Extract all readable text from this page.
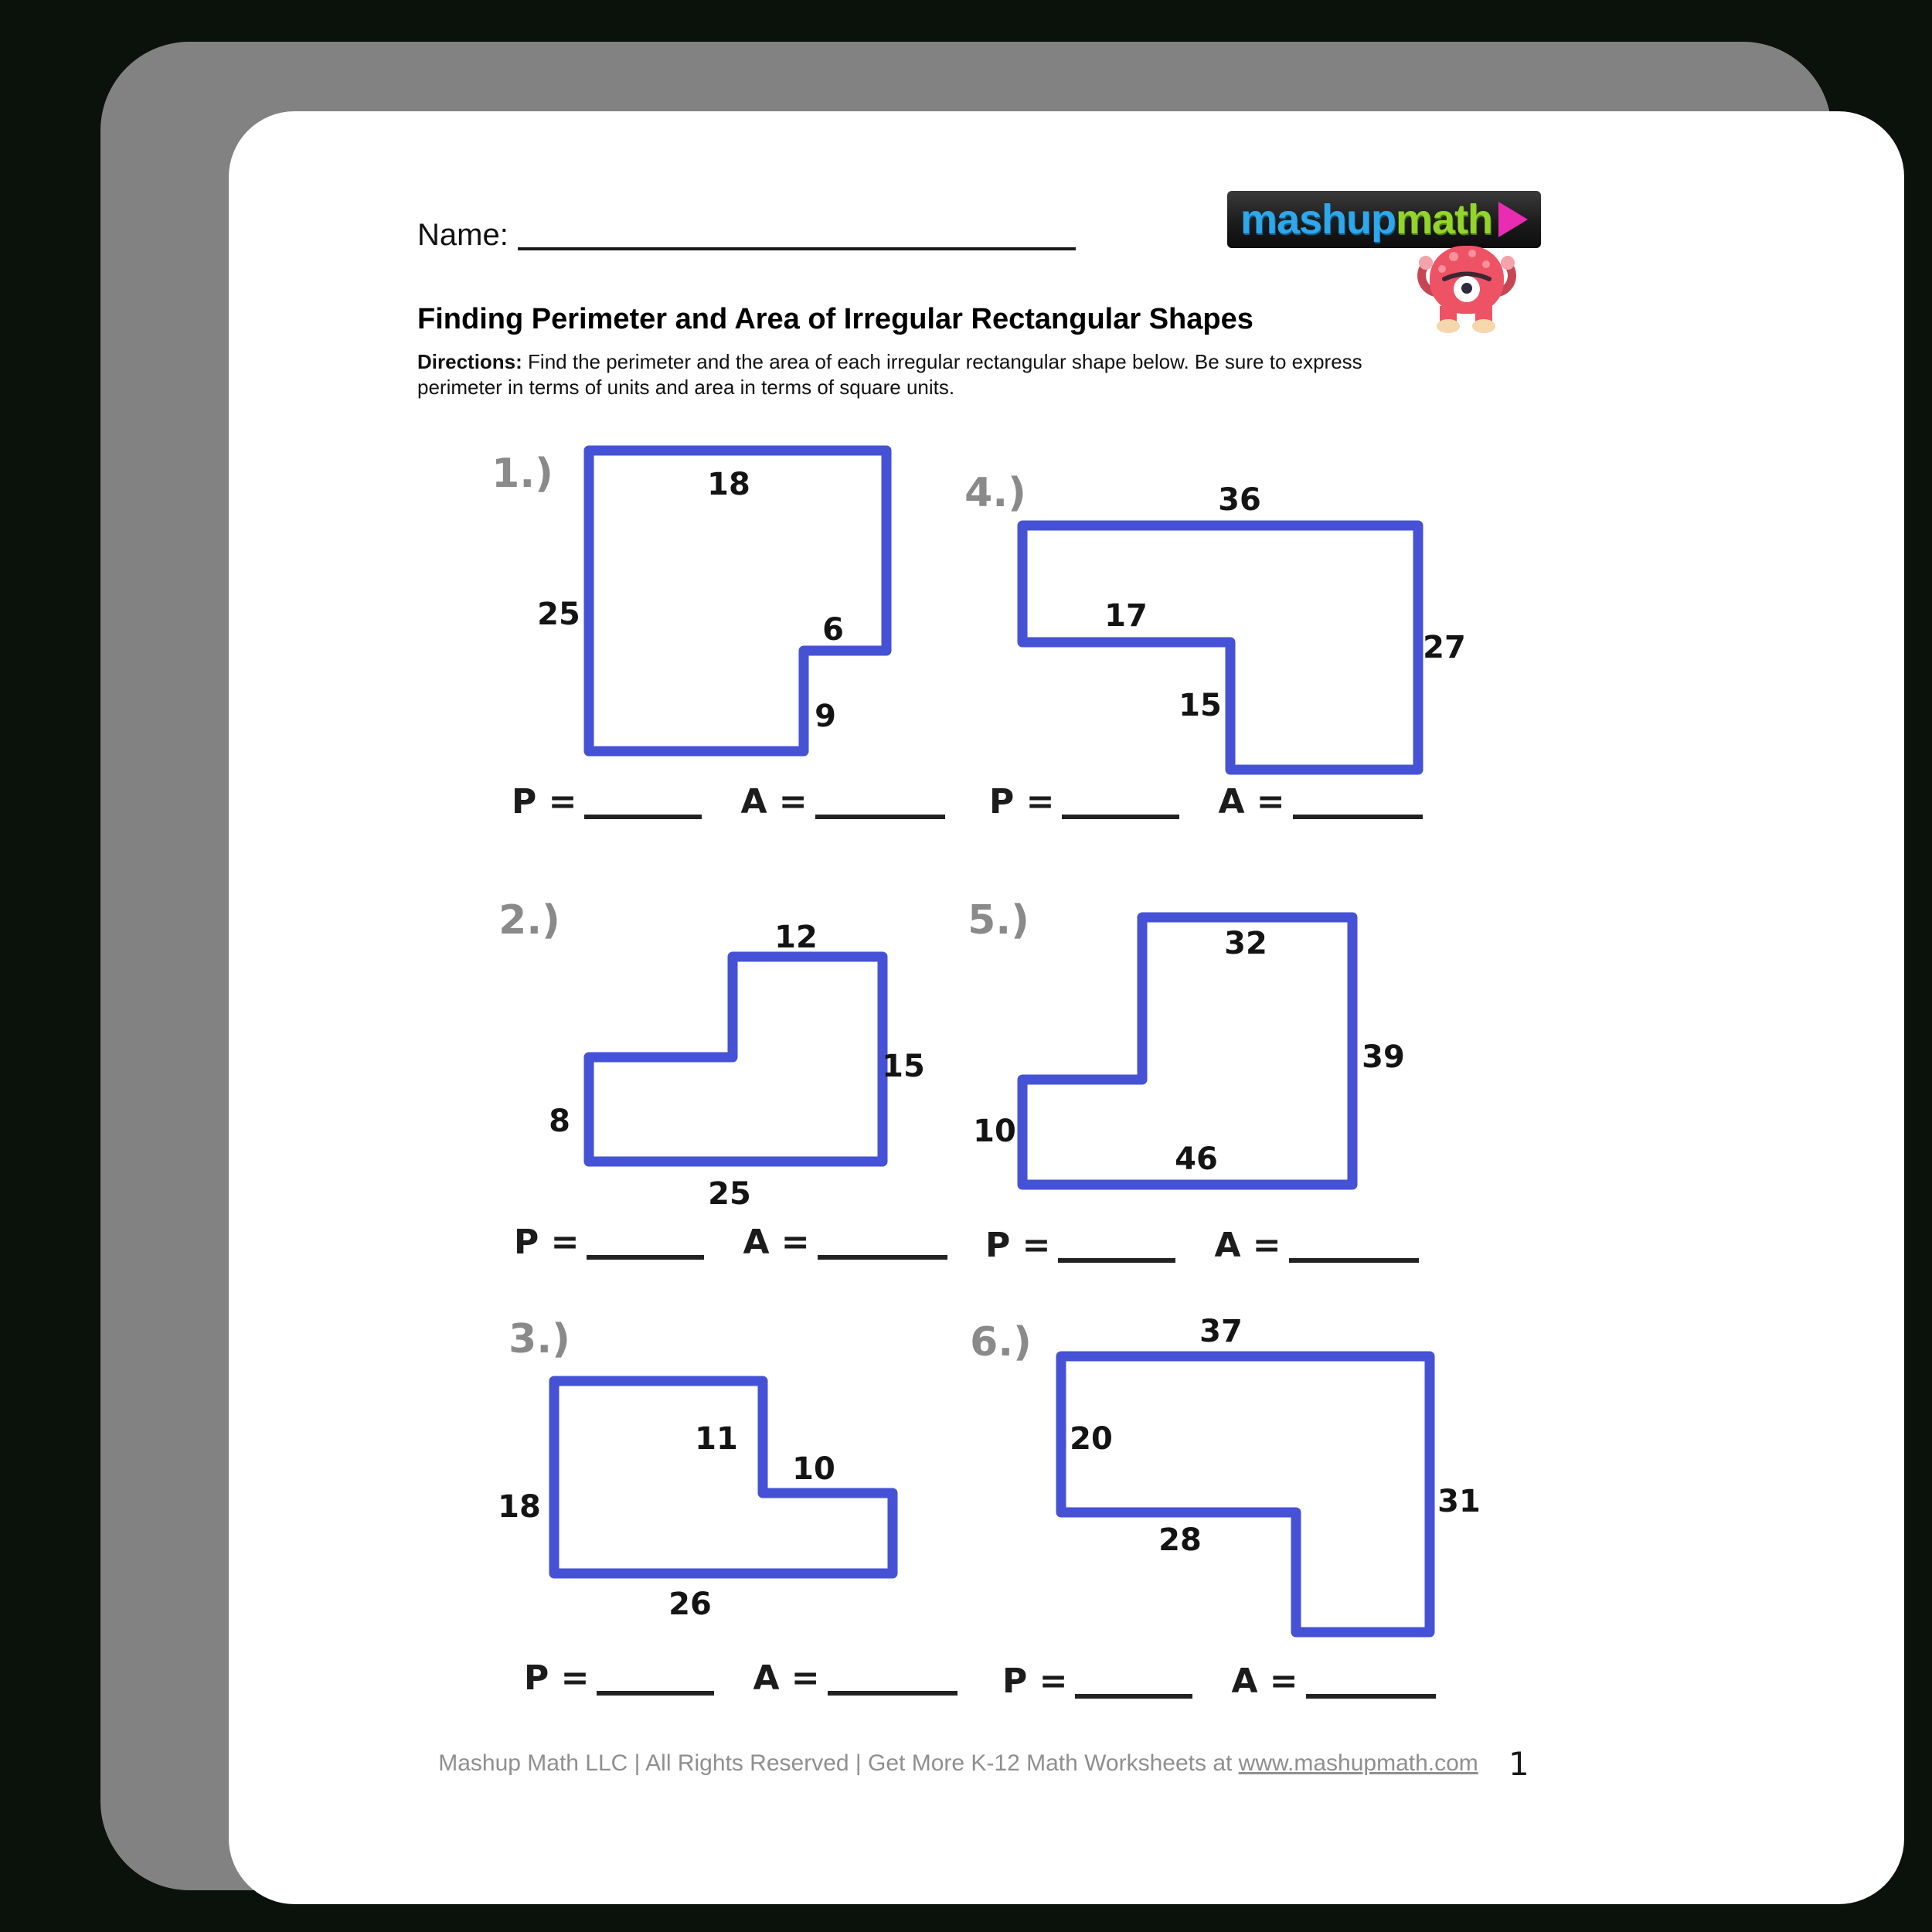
Name:	mashup math
Finding Perimeter and Area of Irregular Rectangular Shapes
Directions: Find the perimeter and the area of each irregular rectangular shape below. Be sure to express
perimeter in terms of units and area in terms of square units.
1.)	18
25	6
9
P =	A =
4.)	36
17
27
15
P =	A =
2.)	12
15
8
25
P =	A =
5.)	32
39
10
46
P =	A =
3.)
11
10
18
26
P =	A =
6.)	37
20
31
28
P =	A =
Mashup Math LLC | All Rights Reserved | Get More K-12 Math Worksheets at www.mashupmath.com 1
